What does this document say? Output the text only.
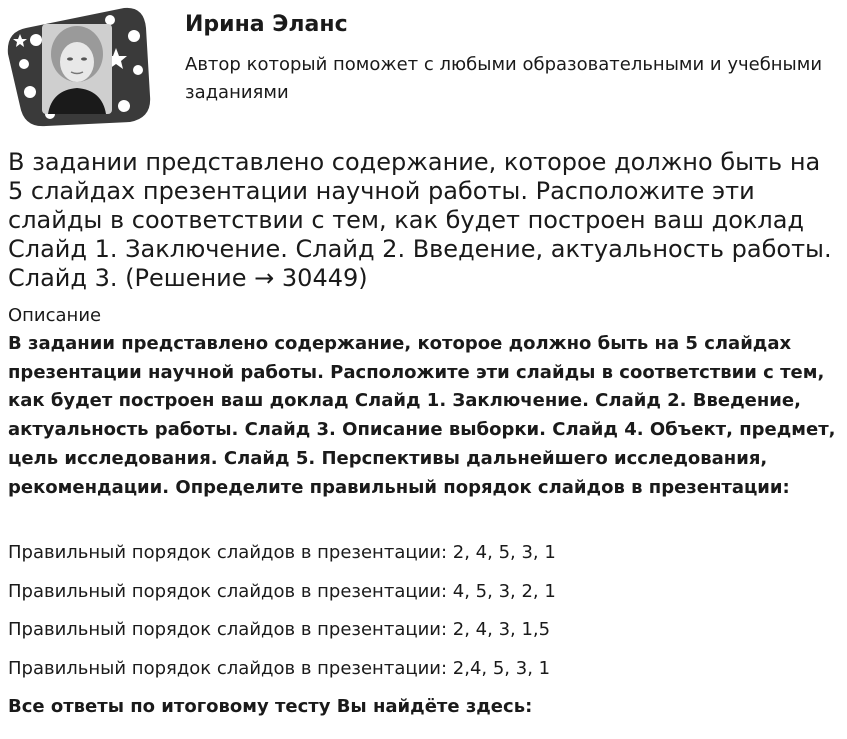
Ирина Эланс
Автор который поможет с любыми образовательными и учебными заданиями
В задании представлено содержание, которое должно быть на 5 слайдах презентации научной работы. Расположите эти слайды в соответствии с тем, как будет построен ваш доклад Слайд 1. Заключение. Слайд 2. Введение, актуальность работы. Слайд 3. (Решение → 30449)
Описание
В задании представлено содержание, которое должно быть на 5 слайдах презентации научной работы. Расположите эти слайды в соответствии с тем, как будет построен ваш доклад Слайд 1. Заключение. Слайд 2. Введение, актуальность работы. Слайд 3. Описание выборки. Слайд 4. Объект, предмет, цель исследования. Слайд 5. Перспективы дальнейшего исследования, рекомендации. Определите правильный порядок слайдов в презентации:
Правильный порядок слайдов в презентации: 2, 4, 5, 3, 1
Правильный порядок слайдов в презентации: 4, 5, 3, 2, 1
Правильный порядок слайдов в презентации: 2, 4, 3, 1,5
Правильный порядок слайдов в презентации: 2,4, 5, 3, 1
Все ответы по итоговому тесту Вы найдёте здесь:
